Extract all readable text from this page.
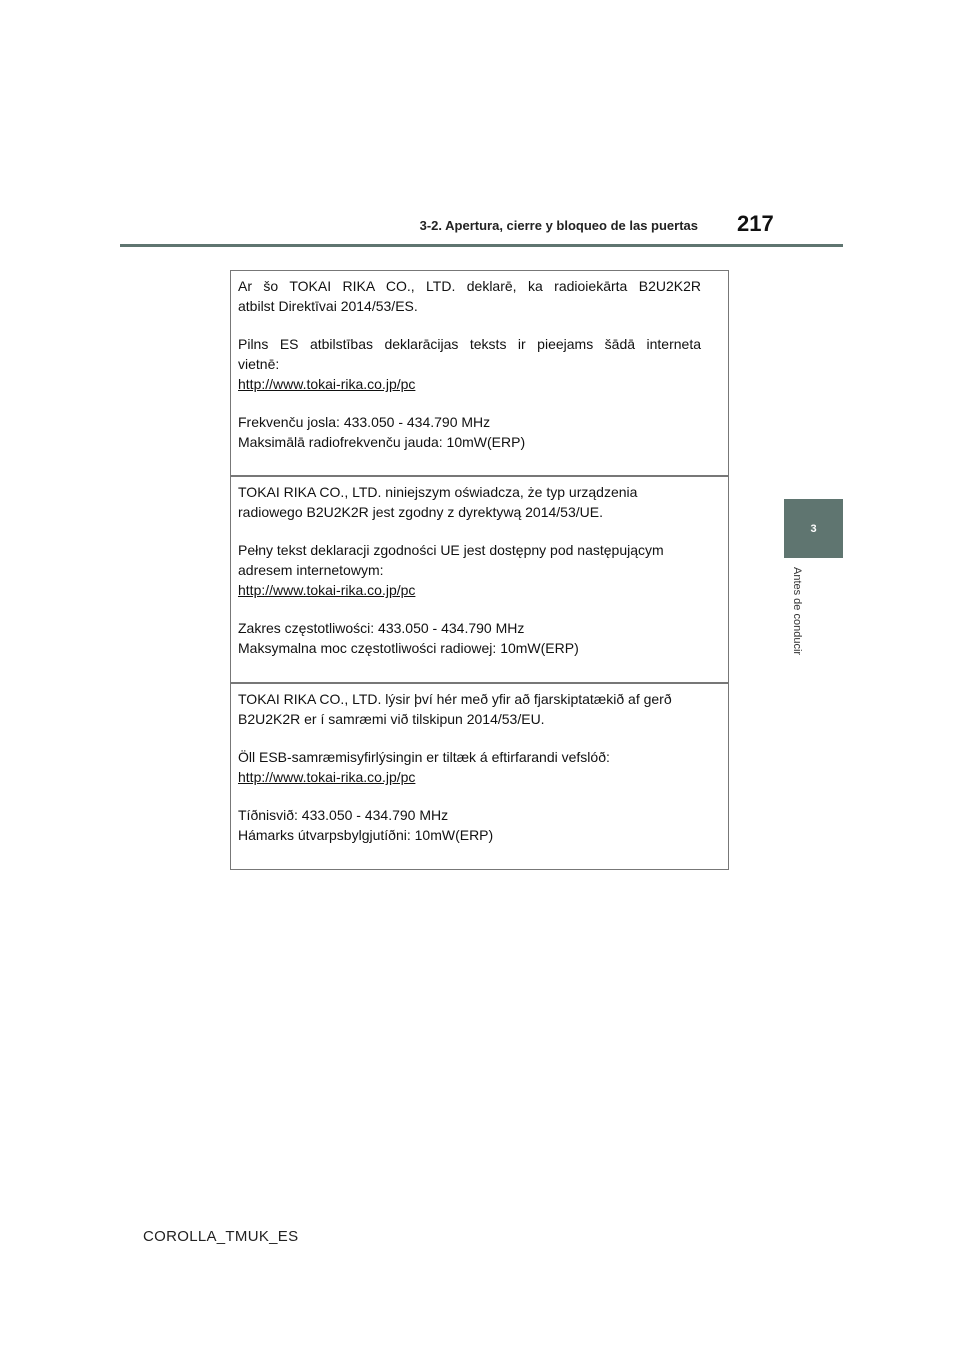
3-2. Apertura, cierre y bloqueo de las puertas 217
3
Antes de conducir

Ar šo TOKAI RIKA CO., LTD. deklarē, ka radioiekārta B2U2K2R

atbilst Direktīvai 2014/53/ES.

Pilns ES atbilstības deklarācijas teksts ir pieejams šādā interneta

vietnē:

http://www.tokai-rika.co.jp/pc

Frekvenču josla: 433.050 - 434.790 MHz

Maksimālā radiofrekvenču jauda: 10mW(ERP)

TOKAI RIKA CO., LTD. niniejszym oświadcza, że typ urządzenia

radiowego B2U2K2R jest zgodny z dyrektywą 2014/53/UE.

Pełny tekst deklaracji zgodności UE jest dostępny pod następującym

adresem internetowym:

http://www.tokai-rika.co.jp/pc

Zakres częstotliwości: 433.050 - 434.790 MHz

Maksymalna moc częstotliwości radiowej: 10mW(ERP)

TOKAI RIKA CO., LTD. lýsir því hér með yfir að fjarskiptatækið af gerð

B2U2K2R er í samræmi við tilskipun 2014/53/EU.

Öll ESB-samræmisyfirlýsingin er tiltæk á eftirfarandi vefslóð:

http://www.tokai-rika.co.jp/pc

Tíðnisvið: 433.050 - 434.790 MHz

Hámarks útvarpsbylgjutíðni: 10mW(ERP)

COROLLA_TMUK_ES
